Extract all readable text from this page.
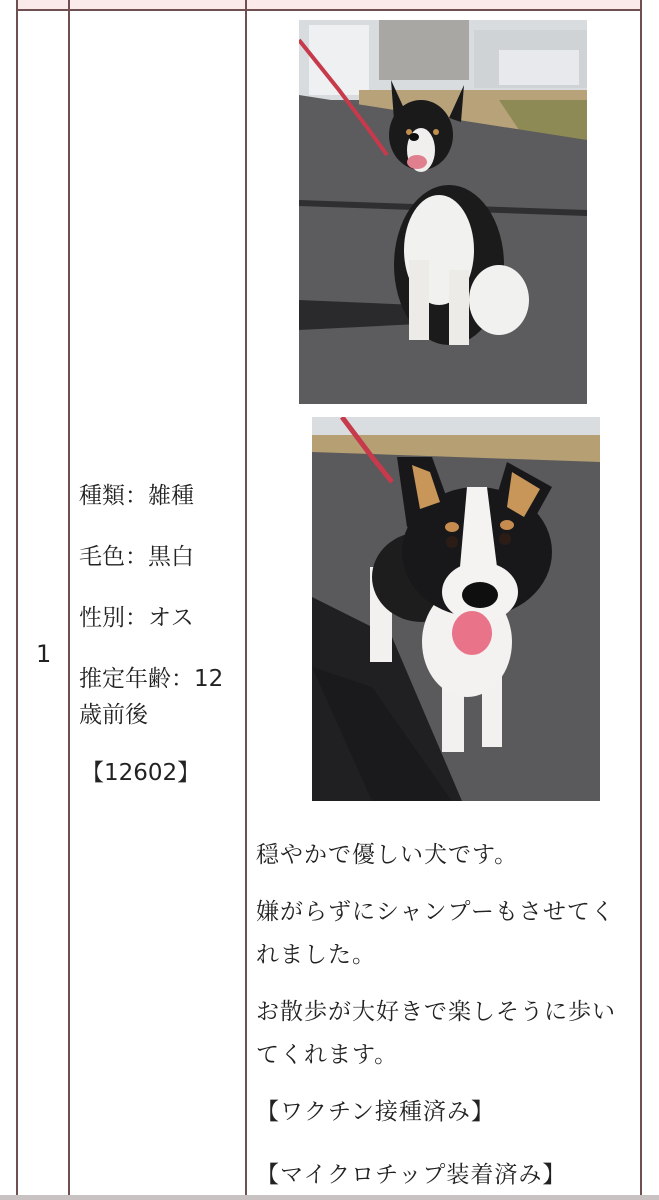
1

種類：雑種

毛色：黒白

性別：オス

推定年齢：12歳前後

【12602】

穏やかで優しい犬です。

嫌がらずにシャンプーもさせてくれました。

お散歩が大好きで楽しそうに歩いてくれます。

【ワクチン接種済み】

【マイクロチップ装着済み】
